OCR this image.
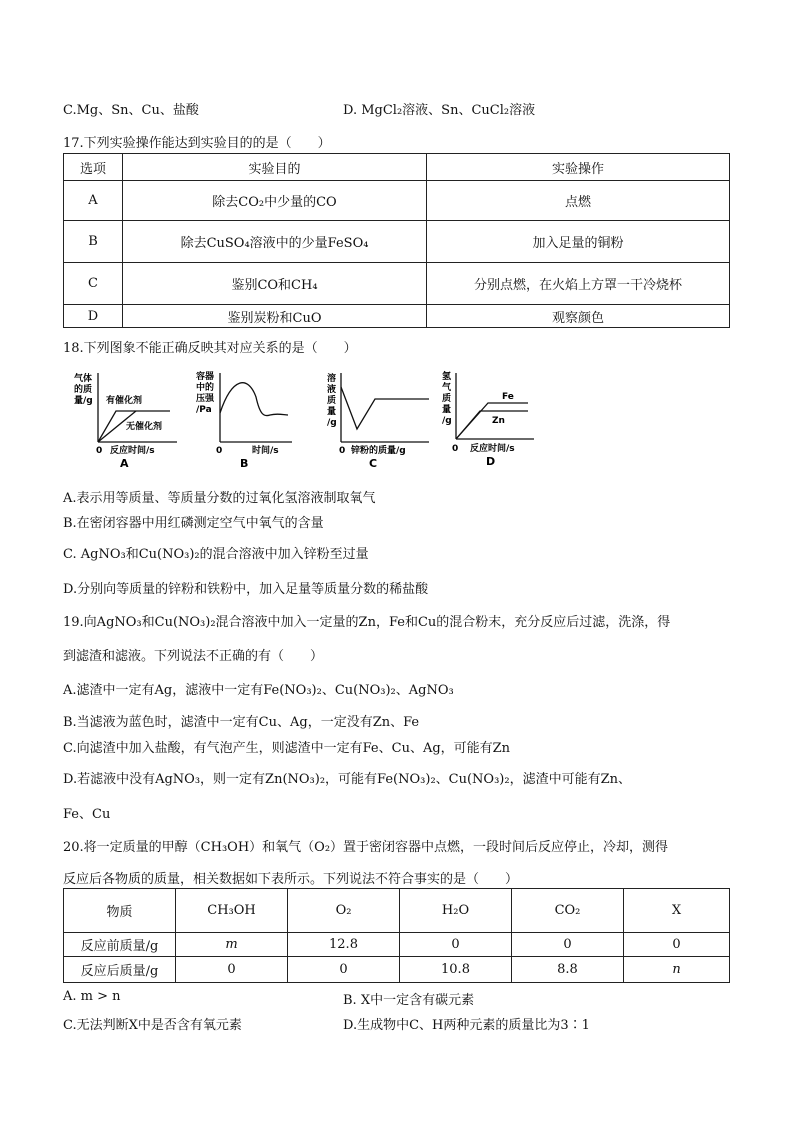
C.Mg、Sn、Cu、盐酸	D. MgCl₂溶液、Sn、CuCl₂溶液
17.下列实验操作能达到实验目的的是（　　）
选项	实验目的	实验操作
A	除去CO₂中少量的CO	点燃
B	除去CuSO₄溶液中的少量FeSO₄	加入足量的铜粉
C	鉴别CO和CH₄	分别点燃，在火焰上方罩一干冷烧杯
D	鉴别炭粉和CuO	观察颜色
18.下列图象不能正确反映其对应关系的是（　　）
气体的质量/g 有催化剂
无催化剂
0 反应时间/s
A
容器中的压强/Pa
0	时间/s
B
溶液质量/g
0 锌粉的质量/g
C
氢气质量/g
Fe
Zn
0 反应时间/s
D
A.表示用等质量、等质量分数的过氧化氢溶液制取氧气
B.在密闭容器中用红磷测定空气中氧气的含量
C. AgNO₃和Cu(NO₃)₂的混合溶液中加入锌粉至过量
D.分别向等质量的锌粉和铁粉中，加入足量等质量分数的稀盐酸
19.向AgNO₃和Cu(NO₃)₂混合溶液中加入一定量的Zn，Fe和Cu的混合粉末，充分反应后过滤，洗涤，得
到滤渣和滤液。下列说法不正确的有（　　）
A.滤渣中一定有Ag，滤液中一定有Fe(NO₃)₂、Cu(NO₃)₂、AgNO₃
B.当滤液为蓝色时，滤渣中一定有Cu、Ag，一定没有Zn、Fe
C.向滤渣中加入盐酸，有气泡产生，则滤渣中一定有Fe、Cu、Ag，可能有Zn
D.若滤液中没有AgNO₃，则一定有Zn(NO₃)₂，可能有Fe(NO₃)₂、Cu(NO₃)₂，滤渣中可能有Zn、
Fe、Cu
20.将一定质量的甲醇（CH₃OH）和氧气（O₂）置于密闭容器中点燃，一段时间后反应停止，冷却，测得
反应后各物质的质量，相关数据如下表所示。下列说法不符合事实的是（　　）
物质	CH₃OH	O₂	H₂O	CO₂	X
反应前质量/g	m	12.8	0	0	0
反应后质量/g	0	0	10.8	8.8	n
A. m > n	B. X中一定含有碳元素
C.无法判断X中是否含有氧元素	D.生成物中C、H两种元素的质量比为3∶1
